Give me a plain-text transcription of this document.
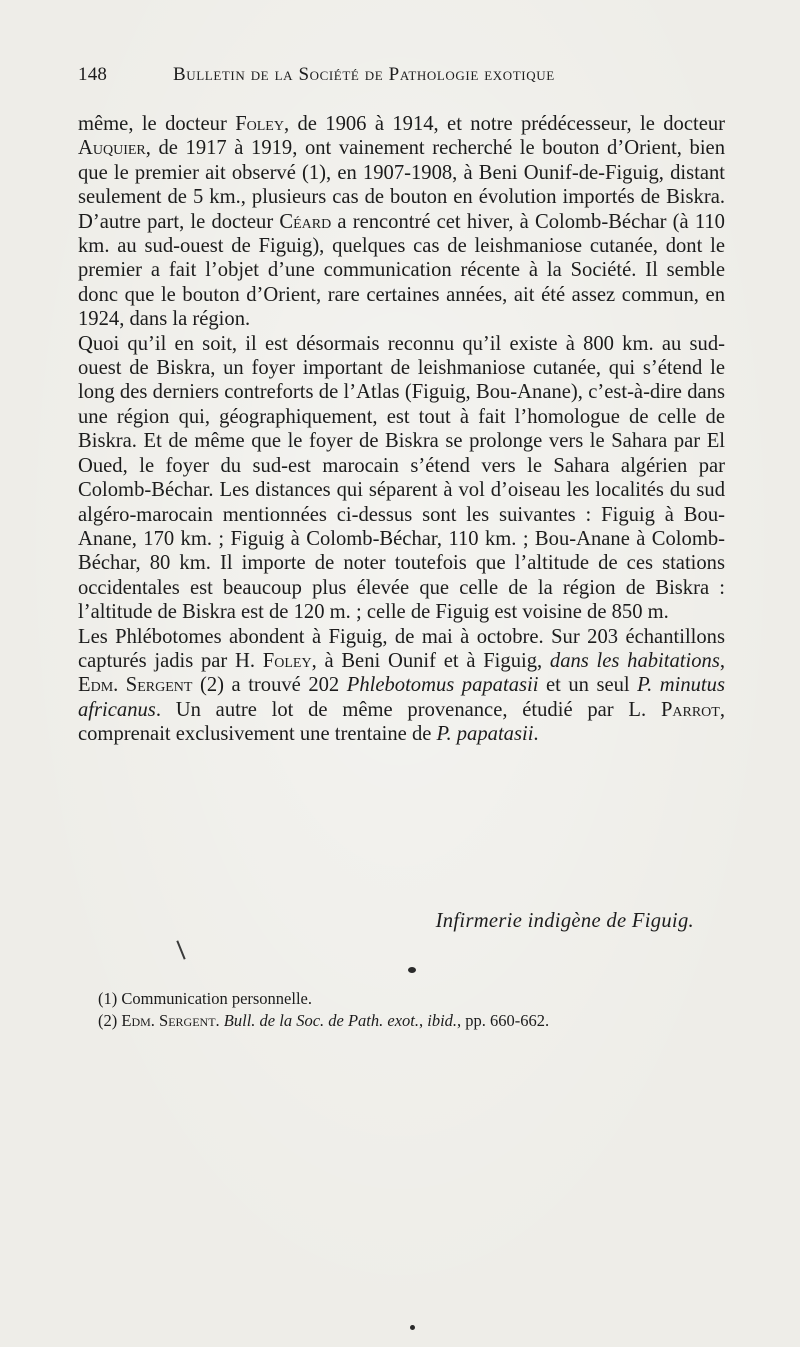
148	Bulletin de la Société de Pathologie exotique

même, le docteur Foley, de 1906 à 1914, et notre prédécesseur, le docteur Auquier, de 1917 à 1919, ont vainement recherché le bouton d’Orient, bien que le premier ait observé (1), en 1907-1908, à Beni Ounif-de-Figuig, distant seulement de 5 km., plusieurs cas de bouton en évolution importés de Biskra. D’autre part, le docteur Céard a rencontré cet hiver, à Colomb-Béchar (à 110 km. au sud-ouest de Figuig), quelques cas de leishmaniose cutanée, dont le premier a fait l’objet d’une communication récente à la Société. Il semble donc que le bouton d’Orient, rare certaines années, ait été assez commun, en 1924, dans la région.

Quoi qu’il en soit, il est désormais reconnu qu’il existe à 800 km. au sud-ouest de Biskra, un foyer important de leishmaniose cutanée, qui s’étend le long des derniers contreforts de l’Atlas (Figuig, Bou-Anane), c’est-à-dire dans une région qui, géographiquement, est tout à fait l’homologue de celle de Biskra. Et de même que le foyer de Biskra se prolonge vers le Sahara par El Oued, le foyer du sud-est marocain s’étend vers le Sahara algérien par Colomb-Béchar. Les distances qui séparent à vol d’oiseau les localités du sud algéro-marocain mentionnées ci-dessus sont les suivantes : Figuig à Bou-Anane, 170 km. ; Figuig à Colomb-Béchar, 110 km. ; Bou-Anane à Colomb-Béchar, 80 km. Il importe de noter toutefois que l’altitude de ces stations occidentales est beaucoup plus élevée que celle de la région de Biskra : l’altitude de Biskra est de 120 m. ; celle de Figuig est voisine de 850 m.

Les Phlébotomes abondent à Figuig, de mai à octobre. Sur 203 échantillons capturés jadis par H. Foley, à Beni Ounif et à Figuig, dans les habitations, Edm. Sergent (2) a trouvé 202 Phlebotomus papatasii et un seul P. minutus africanus. Un autre lot de même provenance, étudié par L. Parrot, comprenait exclusivement une trentaine de P. papatasii.

Infirmerie indigène de Figuig.

(1) Communication personnelle.

(2) Edm. Sergent. Bull. de la Soc. de Path. exot., ibid., pp. 660-662.
